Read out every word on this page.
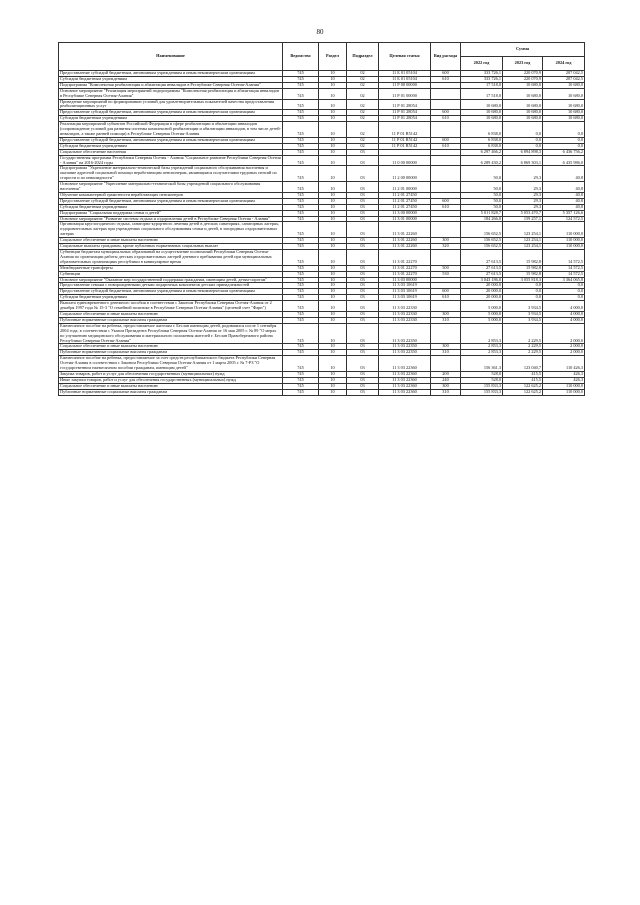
80
Наименование	Ведомство	Раздел	Подраздел	Целевая статья	Вид расхода	Сумма		
						2022 год	2023 год	2024 год
Предоставление субсидий бюджетным, автономным учреждениям и иным некоммерческим организациям	745	10	02	11 Б 01 05104	600	333 726,1	220 070,9	207 042,5
Субсидии бюджетным учреждениям	745	10	02	11 Б 01 05104	610	333 726,1	220 070,9	207 042,5
Подпрограмма "Комплексная реабилитация и абилитация инвалидов в Республике Северная Осетия-Алания"	745	10	02	11 Р 00 00000		17 518,0	10 680,0	10 680,0
Основное мероприятие "Реализация мероприятий подпрограммы "Комплексная реабилитация и абилитация инвалидов в Республике Северная Осетия-Алания"	745	10	02	11 Р 01 00000		17 518,0	10 680,0	10 680,0
Проведение мероприятий по формированию условий для удовлетворительных показателей качества предоставления реабилитационных услуг	745	10	02	11 Р 01 28054		10 680,0	10 680,0	10 680,0
Предоставление субсидий бюджетным, автономным учреждениям и иным некоммерческим организациям	745	10	02	11 Р 01 28054	600	10 680,0	10 680,0	10 680,0
Субсидии бюджетным учреждениям	745	10	02	11 Р 01 28054	610	10 680,0	10 680,0	10 680,0
Реализация мероприятий субъектов Российской Федерации в сфере реабилитации и абилитации инвалидов (сопровождение условий для развития системы комплексной реабилитации и абилитации инвалидов, в том числе детей-инвалидов, а также ранней помощи) в Республике Северная Осетия-Алания	745	10	02	11 Р 01 R5142		6 838,0	0,0	0,0
Предоставление субсидий бюджетным, автономным учреждениям и иным некоммерческим организациям	745	10	02	11 Р 01 R5142	600	6 838,0	0,0	0,0
Субсидии бюджетным учреждениям	745	10	02	11 Р 01 R5142	610	6 838,0	0,0	0,0
Социальное обеспечение населения	745	10	03			6 297 466,2	6 894 898,3	6 436 756,2
Государственная программа Республики Северная Осетия - Алания "Социальное развитие Республики Северная Осетия - Алания" на 2016-2024 годы	745	10	03	11 0 00 00000		6 289 430,2	6 869 303,1	6 435 986,0
Подпрограмма "Укрепление материально-технической базы учреждений социального обслуживания населения и оказание адресной социальной помощи неработающим пенсионерам, являющимся получателями трудовых пенсий по старости и по инвалидности"	745	10	03	11 2 00 00000		50,0	29,3	40,8
Основное мероприятие "Укрепление материально-технической базы учреждений социального обслуживания населения"	745	10	03	11 2 01 00000		50,0	29,3	40,8
Обучение компьютерной грамотности неработающих пенсионеров	745	10	03	11 2 01 27450		50,0	29,3	40,8
Предоставление субсидий бюджетным, автономным учреждениям и иным некоммерческим организациям	745	10	03	11 2 01 27450	600	50,0	29,3	40,8
Субсидии бюджетным учреждениям	745	10	03	11 2 01 27450	610	50,0	29,3	40,8
Подпрограмма "Социальная поддержка семьи и детей"	745	10	03	11 3 00 00000		5 011 828,7	5 053 470,7	5 357 126,6
Основное мероприятие "Развитие системы отдыха и оздоровления детей в Республике Северная Осетия - Алания"	745	10	03	11 3 01 00000		184 266,0	159 257,1	124 572,5
Организация круглогодичного отдыха, санаторно-курортного лечения детей в детских санаториях, санаторных лагерях, оздоровительных лагерях при учреждениях социального обслуживания семьи и детей, в загородных оздоровительных лагерях	745	10	03	11 3 01 22260		156 652,5	123 254,1	110 000,0
Социальное обеспечение и иные выплаты населению	745	10	03	11 3 01 22260	300	156 652,5	123 254,1	110 000,0
Социальные выплаты гражданам, кроме публичных нормативных социальных выплат	745	10	03	11 3 01 22260	320	156 652,5	123 254,1	110 000,0
Субвенции бюджетам муниципальных образований на осуществление полномочий Республики Северная Осетия-Алания по организации работы детских оздоровительных лагерей дневного пребывания детей при муниципальных образовательных организациях республики в каникулярное время	745	10	03	11 3 01 22270		27 613,5	15 982,8	14 572,5
Межбюджетные трансферты	745	10	03	11 3 01 22270	500	27 613,5	15 982,8	14 572,5
Субвенции	745	10	03	11 3 01 22270	530	27 613,5	15 982,8	14 572,5
Основное мероприятие "Оказание мер государственной поддержки гражданам, имеющим детей, детям-сиротам"	745	10	03	11 3 03 00000		3 043 186,0	3 055 818,3	3 364 065,8
Предоставление семьям с новорожденными детьми подарочных комплектов детских принадлежностей	745	10	03	11 3 03 10619		20 000,0	0,0	0,0
Предоставление субсидий бюджетным, автономным учреждениям и иным некоммерческим организациям	745	10	03	11 3 03 10619	600	20 000,0	0,0	0,0
Субсидии бюджетным учреждениям	745	10	03	11 3 03 10619	610	20 000,0	0,0	0,0
Выплата единовременного денежного пособия в соответствии с Законом Республики Северная Осетия-Алания от 2 декабря 1997 года № 15-3 "О семейной политике в Республике Северная Осетия-Алания" (целевой счет "Фарн")	745	10	03	11 3 03 22330		5 000,0	3 934,5	4 000,0
Социальное обеспечение и иные выплаты населению	745	10	03	11 3 03 22330	300	5 000,0	3 934,5	4 000,0
Публичные нормативные социальные выплаты гражданам	745	10	03	11 3 03 22330	310	5 000,0	3 934,5	4 000,0
Ежемесячное пособие на ребенка, предоставляемое жителям г. Беслан имеющим детей, родившихся после 1 сентября 2004 года, в соответствии с Указом Президента Республики Северная Осетия-Алания от 16 мая 2005 г. № 89 "О мерах по улучшению медицинского обслуживания и материального положения жителей г. Беслан Правобережного района Республики Северная Осетия-Алания"	745	10	03	11 3 03 22350		2 853,3	2 229,5	2 000,0
Социальное обеспечение и иные выплаты населению	745	10	03	11 3 03 22350	300	2 853,3	2 229,5	2 000,0
Публичные нормативные социальные выплаты гражданам	745	10	03	11 3 03 22350	310	2 853,3	2 229,5	2 000,0
Ежемесячное пособие на ребенка, предоставляемое за счет средств республиканского бюджета Республики Северная Осетия-Алания в соответствии с Законом Республики Северная Осетия-Алания от 1 марта 2005 г. № 7-РЗ "О государственном ежемесячном пособии гражданам, имеющим детей"	745	10	03	11 3 03 22360		156 361,3	123 040,7	110 426,3
Закупка товаров, работ и услуг для обеспечения государственных (муниципальных) нужд	745	10	03	11 3 03 22360	200	528,0	415,5	426,3
Иные закупки товаров, работ и услуг для обеспечения государственных (муниципальных) нужд	745	10	03	11 3 03 22360	240	528,0	415,5	426,3
Социальное обеспечение и иные выплаты населению	745	10	03	11 3 03 22360	300	155 833,3	122 625,2	110 000,0
Публичные нормативные социальные выплаты гражданам	745	10	03	11 3 03 22360	310	155 833,3	122 625,2	110 000,0
